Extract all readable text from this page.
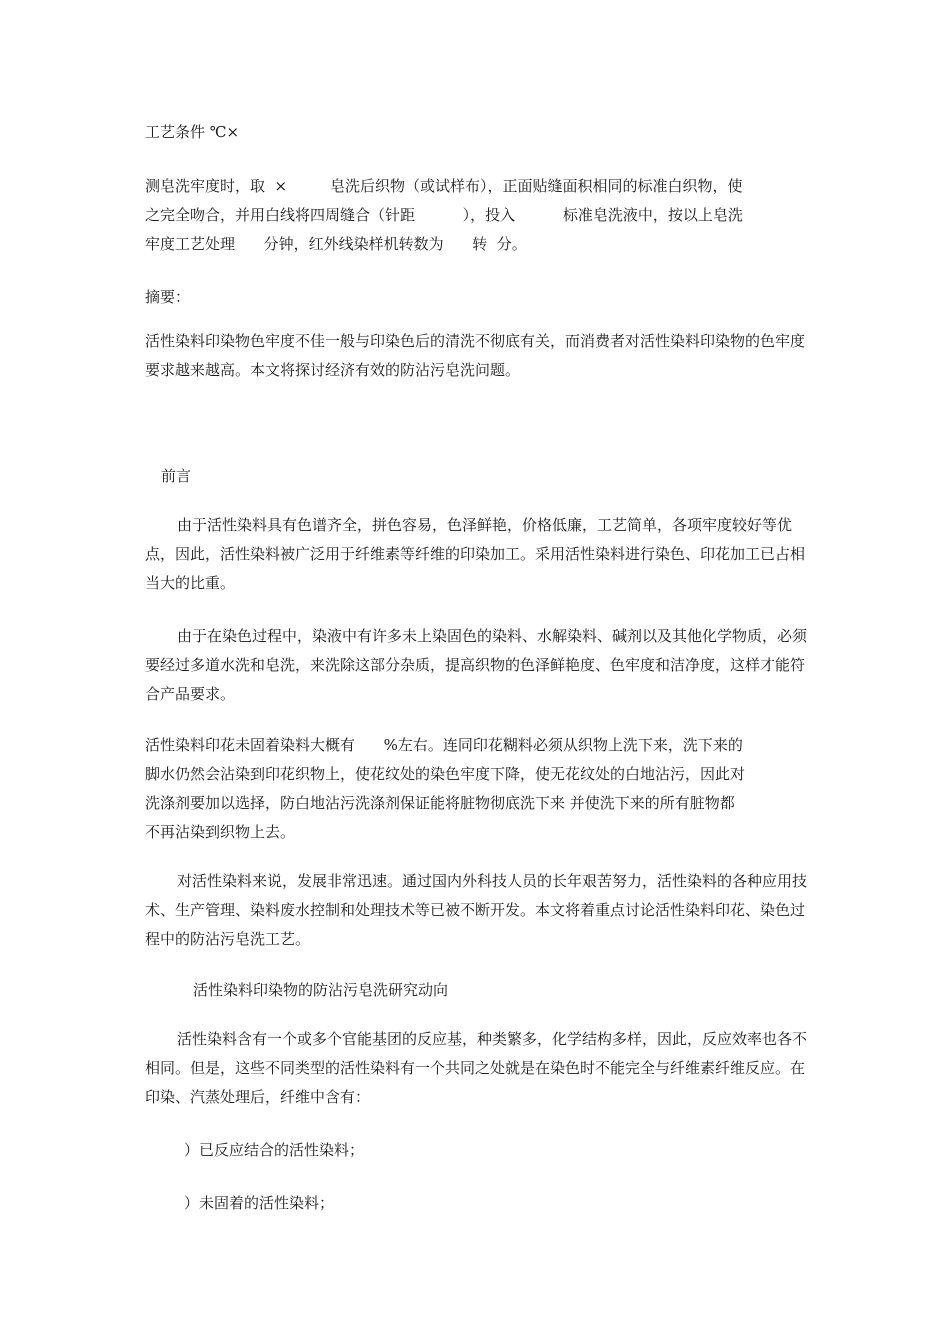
工艺条件 ℃×

测皂洗牢度时，取  ×         皂洗后织物（或试样布），正面贴缝面积相同的标准白织物，使
之完全吻合，并用白线将四周缝合（针距          ），投入          标准皂洗液中，按以上皂洗
牢度工艺处理      分钟，红外线染样机转数为      转  分。

摘要：

活性染料印染物色牢度不佳一般与印染色后的清洗不彻底有关，而消费者对活性染料印染物的色牢度要求越来越高。本文将探讨经济有效的防沾污皂洗问题。

前言

由于活性染料具有色谱齐全，拼色容易，色泽鲜艳，价格低廉，工艺简单，各项牢度较好等优点，因此，活性染料被广泛用于纤维素等纤维的印染加工。采用活性染料进行染色、印花加工已占相当大的比重。

由于在染色过程中，染液中有许多未上染固色的染料、水解染料、碱剂以及其他化学物质，必须要经过多道水洗和皂洗，来洗除这部分杂质，提高织物的色泽鲜艳度、色牢度和洁净度，这样才能符合产品要求。

活性染料印花未固着染料大概有      %左右。连同印花糊料必须从织物上洗下来，洗下来的
脚水仍然会沾染到印花织物上，使花纹处的染色牢度下降，使无花纹处的白地沾污，因此对
洗涤剂要加以选择，防白地沾污洗涤剂保证能将脏物彻底洗下来 并使洗下来的所有脏物都
不再沾染到织物上去。

对活性染料来说，发展非常迅速。通过国内外科技人员的长年艰苦努力，活性染料的各种应用技术、生产管理、染料废水控制和处理技术等已被不断开发。本文将着重点讨论活性染料印花、染色过程中的防沾污皂洗工艺。

活性染料印染物的防沾污皂洗研究动向

活性染料含有一个或多个官能基团的反应基，种类繁多，化学结构多样，因此，反应效率也各不相同。但是，这些不同类型的活性染料有一个共同之处就是在染色时不能完全与纤维素纤维反应。在印染、汽蒸处理后，纤维中含有：

）已反应结合的活性染料；

）未固着的活性染料；
